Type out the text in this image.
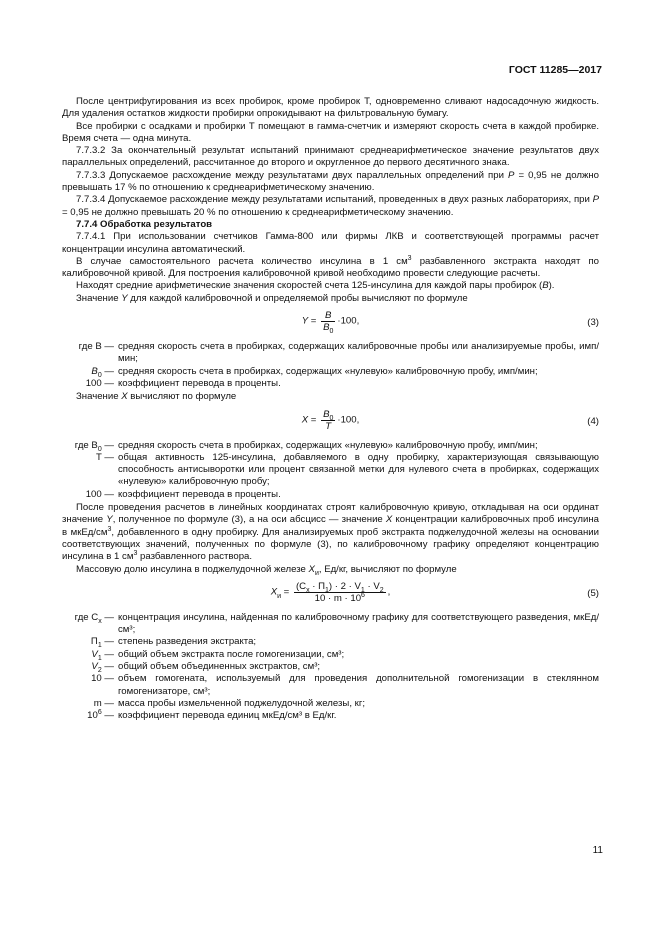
ГОСТ 11285—2017

После центрифугирования из всех пробирок, кроме пробирок Т, одновременно сливают надосадочную жидкость. Для удаления остатков жидкости пробирки опрокидывают на фильтровальную бумагу.

Все пробирки с осадками и пробирки Т помещают в гамма-счетчик и измеряют скорость счета в каждой пробирке. Время счета — одна минута.

7.7.3.2 За окончательный результат испытаний принимают среднеарифметическое значение результатов двух параллельных определений, рассчитанное до второго и округленное до первого десятичного знака.

7.7.3.3 Допускаемое расхождение между результатами двух параллельных определений при P = 0,95 не должно превышать 17 % по отношению к среднеарифметическому значению.

7.7.3.4 Допускаемое расхождение между результатами испытаний, проведенных в двух разных лабораториях, при P = 0,95 не должно превышать 20 % по отношению к среднеарифметическому значению.

7.7.4 Обработка результатов

7.7.4.1 При использовании счетчиков Гамма-800 или фирмы ЛКВ и соответствующей программы расчет концентрации инсулина автоматический.

В случае самостоятельного расчета количество инсулина в 1 $см^3$ разбавленного экстракта находят по калибровочной кривой. Для построения калибровочной кривой необходимо провести следующие расчеты.

Находят средние арифметические значения скоростей счета 125-инсулина для каждой пары пробирок (B).

Значение Y для каждой калибровочной и определяемой пробы вычисляют по формуле

$Y = \frac{B}{B_0} \cdot 100$,	(3)
где B — средняя скорость счета в пробирках, содержащих калибровочные пробы или анализируемые пробы, имп/мин;
$B_0$ — средняя скорость счета в пробирках, содержащих «нулевую» калибровочную пробу, имп/мин;
100 — коэффициент перевода в проценты.

Значение X вычисляют по формуле

$X = \frac{B_0}{T} \cdot 100$,	(4)
где $B_0$ — средняя скорость счета в пробирках, содержащих «нулевую» калибровочную пробу, имп/мин;
T — общая активность 125-инсулина, добавляемого в одну пробирку, характеризующая связывающую способность антисыворотки или процент связанной метки для нулевого счета в пробирках, содержащих «нулевую» калибровочную пробу;
100 — коэффициент перевода в проценты.

После проведения расчетов в линейных координатах строят калибровочную кривую, откладывая на оси ординат значение Y, полученное по формуле (3), а на оси абсцисс — значение X концентрации калибровочных проб инсулина в мкЕд/$см^3$, добавленного в одну пробирку. Для анализируемых проб экстракта поджелудочной железы на основании соответствующих значений, полученных по формуле (3), по калибровочному графику определяют концентрацию инсулина в 1 $см^3$ разбавленного раствора.

Массовую долю инсулина в поджелудочной железе $X_и$, Ед/кг, вычисляют по формуле

$X_и = \frac{(C_x \cdot П_1) \cdot 2 \cdot V_1 \cdot V_2}{10 \cdot m \cdot 10^6}$ ,	(5)
где $C_x$ — концентрация инсулина, найденная по калибровочному графику для соответствующего разведения, мкЕд/см³;
$П_1$ — степень разведения экстракта;
$V_1$ — общий объем экстракта после гомогенизации, см³;
$V_2$ — общий объем объединенных экстрактов, см³;
10 — объем гомогената, используемый для проведения дополнительной гомогенизации в стеклянном гомогенизаторе, см³;
m — масса пробы измельченной поджелудочной железы, кг;
$10^6$ — коэффициент перевода единиц мкЕд/см³ в Ед/кг.
11
